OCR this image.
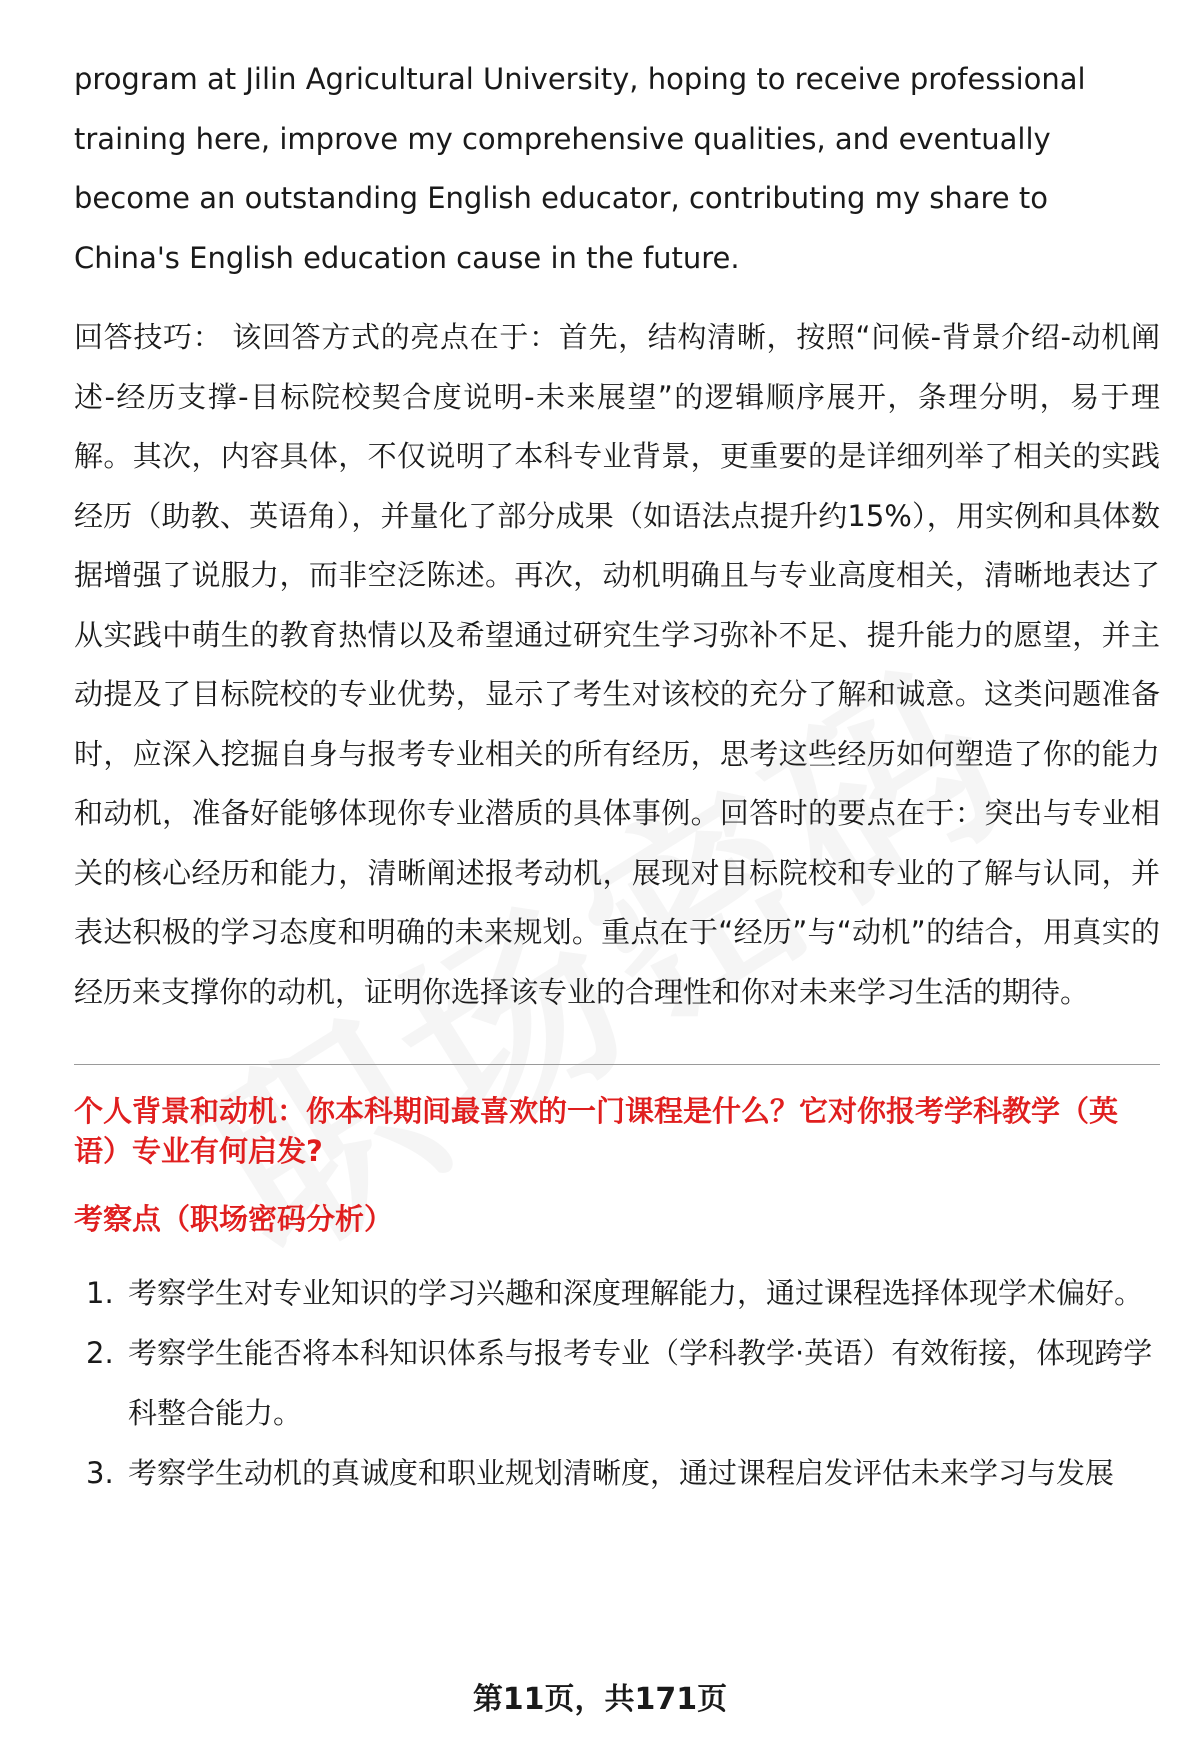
program at Jilin Agricultural University, hoping to receive professional training here, improve my comprehensive qualities, and eventually become an outstanding English educator, contributing my share to China's English education cause in the future.

回答技巧： 该回答方式的亮点在于：首先，结构清晰，按照“问候-背景介绍-动机阐述-经历支撑-目标院校契合度说明-未来展望”的逻辑顺序展开，条理分明，易于理解。其次，内容具体，不仅说明了本科专业背景，更重要的是详细列举了相关的实践经历（助教、英语角），并量化了部分成果（如语法点提升约15%），用实例和具体数据增强了说服力，而非空泛陈述。再次，动机明确且与专业高度相关，清晰地表达了从实践中萌生的教育热情以及希望通过研究生学习弥补不足、提升能力的愿望，并主动提及了目标院校的专业优势，显示了考生对该校的充分了解和诚意。这类问题准备时，应深入挖掘自身与报考专业相关的所有经历，思考这些经历如何塑造了你的能力和动机，准备好能够体现你专业潜质的具体事例。回答时的要点在于：突出与专业相关的核心经历和能力，清晰阐述报考动机，展现对目标院校和专业的了解与认同，并表达积极的学习态度和明确的未来规划。重点在于“经历”与“动机”的结合，用真实的经历来支撑你的动机，证明你选择该专业的合理性和你对未来学习生活的期待。

个人背景和动机：你本科期间最喜欢的一门课程是什么？它对你报考学科教学（英语）专业有何启发?
考察点（职场密码分析）
1. 考察学生对专业知识的学习兴趣和深度理解能力，通过课程选择体现学术偏好。
2. 考察学生能否将本科知识体系与报考专业（学科教学·英语）有效衔接，体现跨学科整合能力。
3. 考察学生动机的真诚度和职业规划清晰度，通过课程启发评估未来学习与发展
第11页，共171页
